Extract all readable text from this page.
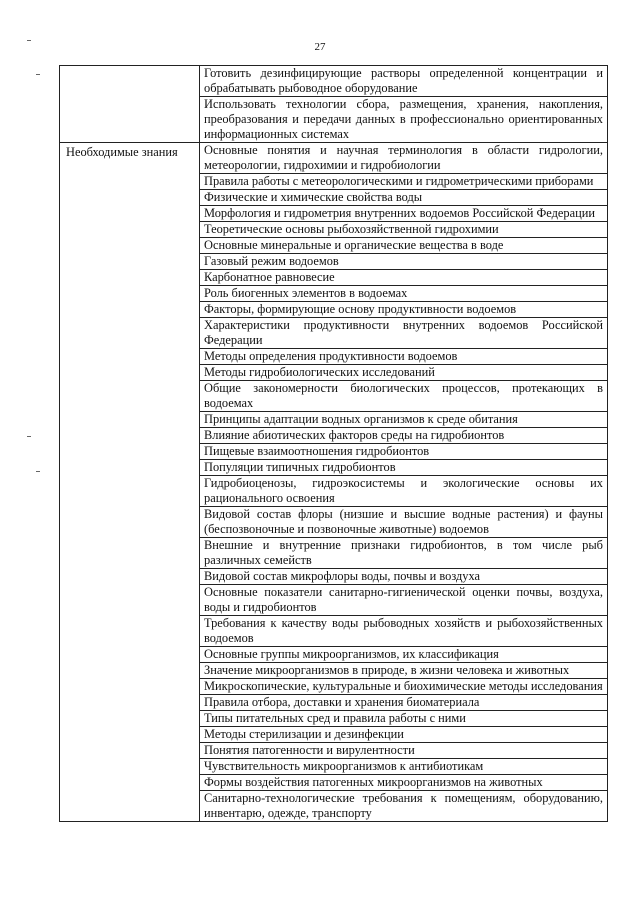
27
	Готовить дезинфицирующие растворы определенной концентрации и обрабатывать рыбоводное оборудование
	Использовать технологии сбора, размещения, хранения, накопления, преобразования и передачи данных в профессионально ориентированных информационных системах
Необходимые знания	Основные понятия и научная терминология в области гидрологии, метеорологии, гидрохимии и гидробиологии
	Правила работы с метеорологическими и гидрометрическими приборами
	Физические и химические свойства воды
	Морфология и гидрометрия внутренних водоемов Российской Федерации
	Теоретические основы рыбохозяйственной гидрохимии
	Основные минеральные и органические вещества в воде
	Газовый режим водоемов
	Карбонатное равновесие
	Роль биогенных элементов в водоемах
	Факторы, формирующие основу продуктивности водоемов
	Характеристики продуктивности внутренних водоемов Российской Федерации
	Методы определения продуктивности водоемов
	Методы гидробиологических исследований
	Общие закономерности биологических процессов, протекающих в водоемах
	Принципы адаптации водных организмов к среде обитания
	Влияние абиотических факторов среды на гидробионтов
	Пищевые взаимоотношения гидробионтов
	Популяции типичных гидробионтов
	Гидробиоценозы, гидроэкосистемы и экологические основы их рационального освоения
	Видовой состав флоры (низшие и высшие водные растения) и фауны (беспозвоночные и позвоночные животные) водоемов
	Внешние и внутренние признаки гидробионтов, в том числе рыб различных семейств
	Видовой состав микрофлоры воды, почвы и воздуха
	Основные показатели санитарно-гигиенической оценки почвы, воздуха, воды и гидробионтов
	Требования к качеству воды рыбоводных хозяйств и рыбохозяйственных водоемов
	Основные группы микроорганизмов, их классификация
	Значение микроорганизмов в природе, в жизни человека и животных
	Микроскопические, культуральные и биохимические методы исследования
	Правила отбора, доставки и хранения биоматериала
	Типы питательных сред и правила работы с ними
	Методы стерилизации и дезинфекции
	Понятия патогенности и вирулентности
	Чувствительность микроорганизмов к антибиотикам
	Формы воздействия патогенных микроорганизмов на животных
	Санитарно-технологические требования к помещениям, оборудованию, инвентарю, одежде, транспорту
